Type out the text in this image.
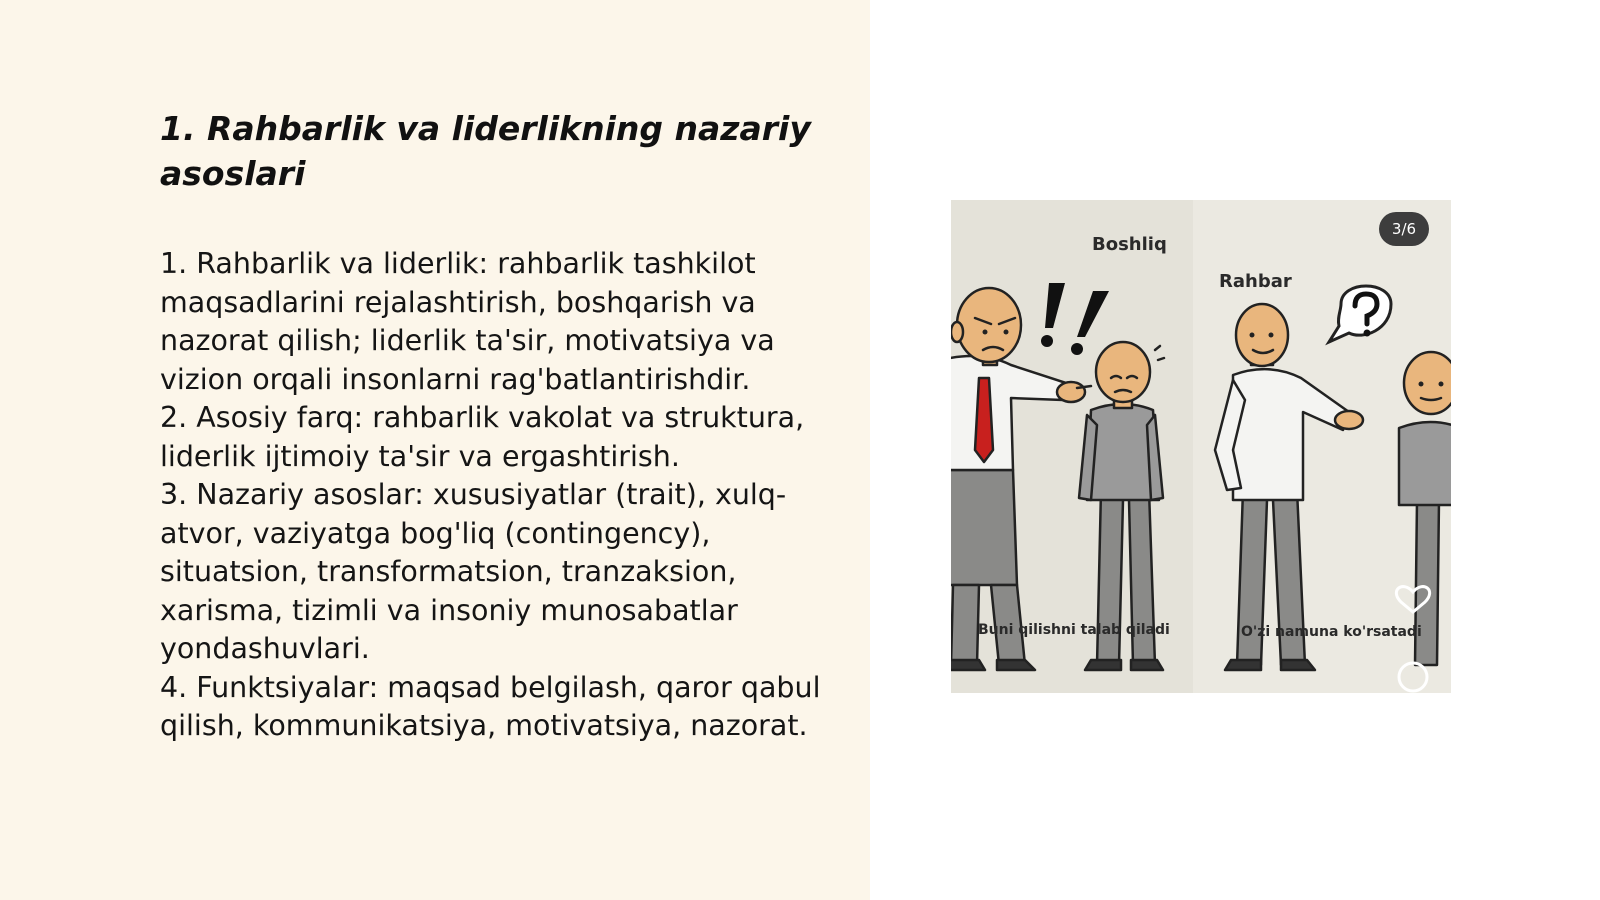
1. Rahbarlik va liderlikning nazariy asoslari

1. Rahbarlik va liderlik: rahbarlik tashkilot maqsadlarini rejalashtirish, boshqarish va nazorat qilish; liderlik ta'sir, motivatsiya va vizion orqali insonlarni rag'batlantirishdir.

2. Asosiy farq: rahbarlik vakolat va struktura, liderlik ijtimoiy ta'sir va ergashtirish.

3. Nazariy asoslar: xususiyatlar (trait), xulq-atvor, vaziyatga bog'liq (contingency), situatsion, transformatsion, tranzaksion, xarisma, tizimli va insoniy munosabatlar yondashuvlari.

4. Funktsiyalar: maqsad belgilash, qaror qabul qilish, kommunikatsiya, motivatsiya, nazorat.

3/6
Boshliq
Rahbar
Buni qilishni talab qiladi	O'zi namuna ko'rsatadi
